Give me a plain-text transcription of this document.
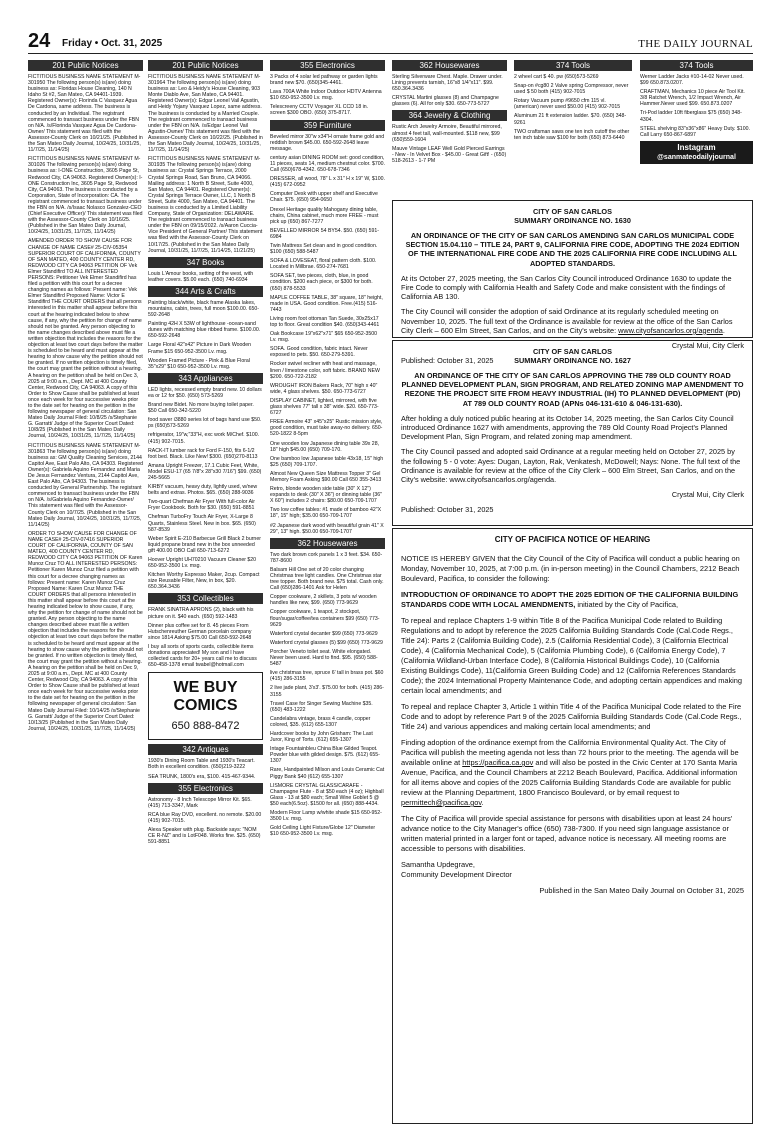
24 Friday • Oct. 31, 2025	THE DAILY JOURNAL
201 Public Notices
FICTITIOUS BUSINESS NAME STATEMENT M-301950 The following person(s) is(are) doing business as: Floridas House Cleaning, 140 N Idaho St #2, San Mateo, CA 94401-1939. Registered Owner(s): Florinda C Vasquez Agua De Cardona, same address. The business is conducted by an Individual. The registrant commenced to transact business under the FBN on N/A. /s/Florinda Vasquez Agua De Cardona-Owner/ This statement was filed with the Assessor-County Clerk on 10/21/25. (Published in the San Mateo Daily Journal, 10/24/25, 10/31/25, 11/7/25, 11/14/25)
FICTITIOUS BUSINESS NAME STATEMENT M-301026 The following person(s) is(are) doing business as: I-ONE Construction, 3605 Page St, Redwood City, CA 94063. Registered Owner(s): I-ONE Construction Inc, 3605 Page St, Redwood City, CA 94063. The business is conducted by a Corporation, State of Incorporation: CA. The registrant commenced to transact business under the FBN on N/A. /s/Isaac Nolasco Gonzalez-CEO (Chief Executive Officer)/ This statement was filed with the Assessor-County Clerk on 10/16/25. (Published in the San Mateo Daily Journal, 10/24/25, 10/31/25, 11/7/25, 11/14/25)
AMENDED ORDER TO SHOW CAUSE FOR CHANGE OF NAME CASE# 25-CIV-05354 SUPERIOR COURT OF CALIFORNIA, COUNTY OF SAN MATEO, 400 COUNTY CENTER RD, REDWOOD CITY CA 94063 PETITION OF Vek Elmer Standifird TO ALL INTERESTED PERSONS: Petitioner Vek Elmer Standifird has filed a petition with this court for a decree changing names as follows: Present name: Vek Elmer Standifird Proposed Name: Victor E Standifird THE COURT ORDERS that all persons interested in this matter shall appear before this court at the hearing indicated below to show cause, if any, why the petition for change of name should not be granted. Any person objecting to the name changes described above must file a written objection that includes the reasons for the objection at least two court days before the matter is scheduled to be heard and must appear at the hearing to show cause why the petition should not be granted. If no written objection is timely filed, the court may grant the petition without a hearing. A hearing on the petition shall be held on Dec 3, 2025 at 9:00 a.m., Dept. MC at 400 County Center, Redwood City, CA 94063. A copy of this Order to Show Cause shall be published at least once each week for four successive weeks prior to the date set for hearing on the petition in the following newspaper of general circulation: San Mateo Daily Journal Filed: 10/8/25 /s/Stephanie G. Garratt/ Judge of the Superior Court Dated: 10/8/25 (Published in the San Mateo Daily Journal, 10/24/25, 10/31/25, 11/7/25, 11/14/25)
FICTITIOUS BUSINESS NAME STATEMENT M-301863 The following person(s) is(are) doing business as: GM Quality Cleaning Services, 2144 Capitol Ave, East Palo Alto, CA 94303. Registered Owner(s): Gabriela Aquino Fernandez and Maria De Jesus Fernandez Ventura, 2144 Capitol Ave, East Palo Alto, CA 94303. The business is conducted by General Partnership. The registrant commenced to transact business under the FBN on N/A. /s/Gabriela Aquino Fernandez-Owner/ This statement was filed with the Assessor-County Clerk on 10/7/25. (Published in the San Mateo Daily Journal, 10/24/25, 10/31/25, 11/7/25, 11/14/25)
ORDER TO SHOW CAUSE FOR CHANGE OF NAME CASE# 25-CIV-07416 SUPERIOR COURT OF CALIFORNIA, COUNTY OF SAN MATEO, 400 COUNTY CENTER RD, REDWOOD CITY CA 94063 PETITION OF Karen Munoz Cruz TO ALL INTERESTED PERSONS: Petitioner Karen Munoz Cruz filed a petition with this court for a decree changing names as follows: Present name: Karen Munoz Cruz Proposed Name: Karen Cruz Munoz THE COURT ORDERS that all persons interested in this matter shall appear before this court at the hearing indicated below to show cause, if any, why the petition for change of name should not be granted. Any person objecting to the name changes described above must file a written objection that includes the reasons for the objection at least two court days before the matter is scheduled to be heard and must appear at the hearing to show cause why the petition should not be granted. If no written objection is timely filed, the court may grant the petition without a hearing. A hearing on the petition shall be held on Dec 9, 2025 at 9:00 a.m., Dept. MC at 400 County Center, Redwood City, CA 94063. A copy of this Order to Show Cause shall be published at least once each week for four successive weeks prior to the date set for hearing on the petition in the following newspaper of general circulation: San Mateo Daily Journal Filed: 10/14/25 /s/Stephanie G. Garratt/ Judge of the Superior Court Dated: 10/13/25 (Published in the San Mateo Daily Journal, 10/24/25, 10/31/25, 11/7/25, 11/14/25)
201 Public Notices
FICTITIOUS BUSINESS NAME STATEMENT M-301964 The following person(s) is(are) doing business as: Leo & Heidy's House Cleaning, 903 Monte Diablo Ave, San Mateo, CA 94401. Registered Owner(s): Edgar Leonel Vail Agustin, and Heidy Yojany Vasquez Lopez, same address. The business is conducted by a Married Couple. The registrant commenced to transact business under the FBN on N/A. /s/Edgar Leonel Vail Agustin-Owner/ This statement was filed with the Assessor-County Clerk on 10/22/25. (Published in the San Mateo Daily Journal, 10/24/25, 10/31/25, 11/7/25, 11/14/25)
FICTITIOUS BUSINESS NAME STATEMENT M-301935 The following person(s) is(are) doing business as: Crystal Springs Terrace, 2000 Crystal Springs Road, San Bruno, CA 94066. Mailing address: 1 North B Street, Suite 4000, San Mateo, CA 94401. Registered Owner(s): Crystal Springs Terrace Owner, LLC, 1 North B Street, Suite 4000, San Mateo, CA 94401. The business is conducted by a Limited Liability Company, State of Organization: DELAWARE. The registrant commenced to transact business under the FBN on 09/15/2022. /s/Aaron Cuccia-Vice President of General Partner/ This statement was filed with the Assessor-County Clerk on 10/17/25. (Published in the San Mateo Daily Journal, 10/31/25, 11/7/25, 11/14/25, 11/21/25)
347 Books
Louis L'Amour books, setting of the west, with leather covers. $5.00 each. (650) 740-6934
344 Arts & Crafts
Painting black/white, black frame Alaska lakes, mountains, cabin, trees, full moon $100.00. 650-592-2648
Painting 42H X 53W of lighthouse -ocean-sand dunes with matching blue ribbed frame. $100.00. 650-592-2648
Large Floral 42"x42" Picture in Dark Wooden Frame $15 650-952-3500 Lv. msg.
Wooden Framed Picture - Pink & Blue Floral 35"x29" $10 650-952-3500 Lv. msg.
343 Appliances
LED lights, recessed empty brand new. 10 dollars ea or 12 for $50. (650) 573-5269
Brand new Bidet. No more buying toilet paper. $50 Call 650-342-5220
food saver i3880 series lot of bags hand use $50. ps (650)573-5269
refrigerator, 19"w,"33"H, exc work M/Chef. $100. (415) 902-7015.
RACK-IT lumber rack for Ford F-150, fits 6-1/2 foot bed. Black. Like New! $300. (650)270-8113
Amana Upright Freezer, 17.1 Cubic Feet, White, Model ESU-17 (65 7/8"x 28"x30 7/16") $99. (650) 245-5665
KIRBY vacuum, heavy duty, lightly used, w/new belts and extras. Photos. $65. (650) 288-9036
Two-quart Chefman Air Fryer With full-color Air Fryer Cookbook. Both for $30. (650) 591-8851
Chefman TurboFry Touch Air Fryer, X-Large 8 Quarts, Stainless Steel. New in box. $65. (650) 587-8539
Weber Spirit E-210 Barbecue Grill Black 2 burner liquid propane brand new in the box unneeded gift 400.00 OBO Call 650-713-6272
Hoover Upright UH70210 Vacuum Cleaner $20 650-952-3500 Lv. msg.
Kitchen Worthy Espresso Maker, 2cup. Compact size Reusable Filter, New, in box, $20. 650.364.3436
353 Collectibles
FRANK SINATRA APRONS (2), black with his picture on it. $40 each. (650) 592-1483
Dinner plus coffee set for 8. 45 pieces From Hutschenreuther German porcelain company since 1814 Asking $75.00 Call 650-592-2648
I buy all sorts of sports cards, collectible items donations appreciated! My son and I have collected cards for 20+ years call me to discuss 650-458-1378 email twabel@hotmail.com
WE BUY
COMICS
650 888-8472
342 Antiques
1930's Dining Room Table and 1930's Teacart. Both in excellent condition. (650)219-3222
SEA TRUNK, 1800's era, $100. 415-467-9344.
355 Electronics
Astronomy - 8 Inch Telescope Mirror Kit. $65. (415) 713-3347, Mark
RCA blue Ray DVD, excellent. no remote. $20.00 (415) 902-7015.
Alexa Speaker with plug. Backside says: "NOM CE R-NZ" and is LotF048. Works fine. $25. (650) 591-8851
355 Electronics
3 Packs of 4 solar led pathway or garden lights brand new $70. (650)345-4461.
Lava 700A White Indoor Outdoor HDTV Antenna $10 650-952-3500 Lv. msg.
Telescreeny CCTV Voyager XL CCD 18 in. screen $300 OBO. (650) 375-8717.
359 Furniture
Beveled mirror 30"w x34"H ornate frame gold and reddish brown $45.00. 650-592-2648 leave message.
century asian DINING ROOM set: good condition, 11 pieces, seats 14, medium chestnut color. $700. Call (650)678-4342. 650-678-7346
DRESSER, all wood, 78" L x 31" H x 19" W, $100. (415) 672-0952
Computer Desk with upper shelf and Executive Chair. $75. (650) 954-0650
Drexel Heritage quality Mahogany dining table, chairs, China cabinet, much more FREE - must pick up (650) 867-7277
BEVELLED MIRROR 54 BY54. $50. (650) 591-6984
Twin Mattress Set clean and in good condition. $100 (650) 588-5487
SOFA & LOVESEAT, floral pattern cloth. $100. Located in Millbrae. 650-274-7681
SOFA SET, two pieces, cloth, blue, in good condition. $200 each piece, or $300 for both. (650) 878-5533
MAPLE COFFEE TABLE, 38" square, 18" height, made in USA. Good condition. Free.(415) 516-7443
Living room foot ottoman Tan Suede, 30x25x17 top to floor. Great condition $40. (650)343-4461
Oak Bookcase 19"x62"x71" $65 650-952-3500 Lv. msg.
SOFA. Good condition, fabric intact. Never exposed to pets. $50. 650-279-5391.
Rocker swivel recliner with heat and massage, linen / limestone color, soft fabric. BRAND NEW $200. 650-722-2182
WROUGHT IRON Bakers Rack, 70" high x 40" wide, 4 glass shelves. $50. 650-773-6727
DISPLAY CABINET, lighted, mirrored, with five glass shelves 77" tall x 38" wide. $20. 650-773-6727
FREE Armoire 43" x45"x25" Rustic mission style, good condition, must take away-no delivery. 650-520-1822 8-5pm
One wooden low Japanese dining table 39x 28, 18" high $45.00 (650) 709-170.
One bamboo low Japanese table 43x18, 15" high $25 (650) 709-1707.
Almost New Queen Size Mattress Topper 3" Gel Memory Foam Asking $90.00 Call 650 355-3413
Retro, blonde wooden side table (30" X 12") expands to desk (30" X 36") or dinning table (36" X 60") includes 2 chairs: $80.00 650-709-1707
Two low coffee tables: #1 made of bamboo 42"X 18", 15" high; $35.00 650-709-1707
#2 Japanese dark wood with beautiful grain 41" X 29", 13" high. $50.00 650-709-1707
362 Housewares
Two dark brown cork panels 1 x 3 feet. $34. 650-787-8600
Balsam Hill One set of 20 color changing Christmas tree light candles. One Christmas star tree topper. Both brand new. $75 total. Cash only. Call (650)286-1401 Ask for Helen
Copper cookware, 2 skillets, 3 pots w/ wooden handles like new, $99. (650) 773-9629
Copper cookware, 1 teapot, 2 stockpot, flour/sugar/coffee/tea containers $99 (650) 773-9629
Waterford crystal decanter $99 (650) 773-9629
Waterford crystal glasses (5) $99 (650) 773-9629
Porcher Veneto toilet seat. White elongated. Never been used. Hard to find. $95. (650) 588-5487
live christmas tree, spruce 6' tall in brass pot. $60 (415) 286-3155
2 live jade plant, 3'x3'. $75.00 for both. (415) 286-3155
Travel Case for Singer Sewing Machine $35. (650) 483-1222
Candelabra vintage, brass 4 candle, copper colored, $35. (612) 655-1307
Hardcover books by John Grisham: The Last Juror, King of Torts. (612) 655-1307
Intage Fountainbleu China Blue Gilded Teapot. Powder blue with gilded design. $75. (612) 655-1307
Rare, Handpainted Milson and Louis Ceramic Cat Piggy Bank $40 (612) 655-1307
LISMORE CRYSTAL GLASS/CARAFE - Champagne Flute - 8 at $50 each (4 oz); Highball Glass - 13 at $80 each; Small Wine Goblet 5 @ $50 each(6.5oz). $1500 for all. (650) 888-4434.
Modern Floor Lamp w/white shade $15 650-952-3500 Lv. msg.
Gold Ceiling Light Fixture/Globe 12" Diameter $10 650-952-3500 Lv. msg.
362 Housewares
Sterling Silverware Chest. Maple. Drawer under. Lining prevents tarnish, 16"x8 1/4"x11". $99. 650.364.3436
CRYSTAL Martini glasses (8) and Champagne glasses (6). All for only $30. 650-773-5727
364 Jewelry & Clothing
Rustic Arch Jewelry Armoire, Beautiful mirrored, almost 4 feet tall, wall-mounted. $118 new, $99 (650)559-1604
Mauve Vintage LEAF Well Gold Pierced Earrings - New - In Velvet Box - $45.00 - Great Gift! - (650) 518-2613 - 1-7 PM
374 Tools
2 wheel cart $ 40. pw (650)573-5269
Snap-on #cg80 2 Valve spring Compressor, never used $ 50 both (415) 902-7015
Rotary Vacuum pump #9650 cfm 115 vl. (american) never used $50.00 (415) 902-7015
Aluminum 21 ft extension ladder. $70. (650) 348-9261
TWO craftsman saws one ten inch cutoff the other ten inch table saw $100 for both (650) 873-6440
374 Tools
Werner Ladder Jacks #10-14-02 Never used. $99 650.873.0207.
CRAFTMAN, Mechanics 10 piece Air Tool Kit. 3/8 Ratchet Wrench, 1/2 Impact Wrench, Air Hammer.Never used $99. 650.873.0207
Tri-Pod ladder 10ft fiberglass $75 (650) 348-4304.
STEEL shelving 83"x36"x86" Heavy Duty. $100. Call Larry 650-867-6897
Instagram
@sanmateodailyjournal
CITY OF SAN CARLOS
SUMMARY ORDINANCE NO. 1630

AN ORDINANCE OF THE CITY OF SAN CARLOS AMENDING SAN CARLOS MUNICIPAL CODE SECTION 15.04.110 – TITLE 24, PART 9, CALIFORNIA FIRE CODE, ADOPTING THE 2024 EDITION OF THE INTERNATIONAL FIRE CODE AND THE 2025 CALIFORNIA FIRE CODE INCLUDING ALL ADOPTED STANDARDS.

At its October 27, 2025 meeting, the San Carlos City Council introduced Ordinance 1630 to update the Fire Code to comply with California Health and Safety Code and make consistent with the findings of California AB 130.

The City Council will consider the adoption of said Ordinance at its regularly scheduled meeting on November 10, 2025. The full text of the Ordinance is available for review at the office of the San Carlos City Clerk – 600 Elm Street, San Carlos, and on the City's website: www.cityofsancarlos.org/agenda.

Crystal Mui, City Clerk

Published: October 31, 2025

CITY OF SAN CARLOS
SUMMARY ORDINANCE NO. 1627

AN ORDINANCE OF THE CITY OF SAN CARLOS APPROVING THE 789 OLD COUNTY ROAD PLANNED DEVELOPMENT PLAN, SIGN PROGRAM, AND RELATED ZONING MAP AMENDMENT TO REZONE THE PROJECT SITE FROM HEAVY INDUSTRIAL (IH) TO PLANNED DEVELOPMENT (PD) AT 789 OLD COUNTY ROAD (APNs 046-131-610 & 046-131-630).

After holding a duly noticed public hearing at its October 14, 2025 meeting, the San Carlos City Council introduced Ordinance 1627 with amendments, approving the 789 Old County Road Project's Planned Development Plan, Sign Program, and related zoning map amendment.

The City Council passed and adopted said Ordinance at a regular meeting held on October 27, 2025 by the following 5 - 0 vote: Ayes: Dugan, Layton, Rak, Venkatesh, McDowell; Nays: None. The full text of the Ordinance is available for review at the office of the City Clerk – 600 Elm Street, San Carlos, and on the City's website: www.cityofsancarlos.org/agenda.

Crystal Mui, City Clerk

Published: October 31, 2025

CITY OF PACIFICA NOTICE OF HEARING

NOTICE IS HEREBY GIVEN that the City Council of the City of Pacifica will conduct a public hearing on Monday, November 10, 2025, at 7:00 p.m. (in in-person meeting) in the Council Chambers, 2212 Beach Boulevard, Pacifica, to consider the following:

INTRODUCTION OF ORDINANCE TO ADOPT THE 2025 EDITION OF THE CALIFORNIA BUILDING STANDARDS CODE WITH LOCAL AMENDMENTS, initiated by the City of Pacifica,

To repeal and replace Chapters 1-9 within Title 8 of the Pacifica Municipal Code related to Building Regulations and to adopt by reference the 2025 California Building Standards Code (Cal.Code Regs., Title 24): Parts 2 (California Building Code), 2.5 (California Residential Code), 3 (California Electrical Code), 4 (California Mechanical Code), 5 (California Plumbing Code), 6 (California Energy Code), 7 (California Wildland-Urban Interface Code), 8 (California Historical Buildings Code), 10 (California Existing Buildings Code), 11(California Green Building Code) and 12 (California References Standards Code); the 2024 International Property Maintenance Code, and adopting certain appendices and making certain local amendments; and

To repeal and replace Chapter 3, Article 1 within Title 4 of the Pacifica Municipal Code related to the Fire Code and to adopt by reference Part 9 of the 2025 California Building Standards Code (Cal.Code Regs., Title 24) and various appendices and making certain local amendments; and

Finding adoption of the ordinance exempt from the California Environmental Quality Act. The City of Pacifica will publish the meeting agenda not less than 72 hours prior to the meeting. The agenda will be available online at https://pacifica.ca.gov and will also be posted in the Civic Center at 170 Santa Maria Avenue, Pacifica, and the Council Chambers at 2212 Beach Boulevard, Pacifica. Additional information for all items above and copies of the 2025 California Building Standards Code are available for public review at the Planning Department, 1800 Francisco Boulevard, or by email request to permittech@pacifica.gov.

The City of Pacifica will provide special assistance for persons with disabilities upon at least 24 hours' advance notice to the City Manager's office (650) 738-7300. If you need sign language assistance or written material printed in a larger font or taped, advance notice is necessary. All meeting rooms are accessible to persons with disabilities.

Samantha Updegrave,
Community Development Director
Published in the San Mateo Daily Journal on October 31, 2025
